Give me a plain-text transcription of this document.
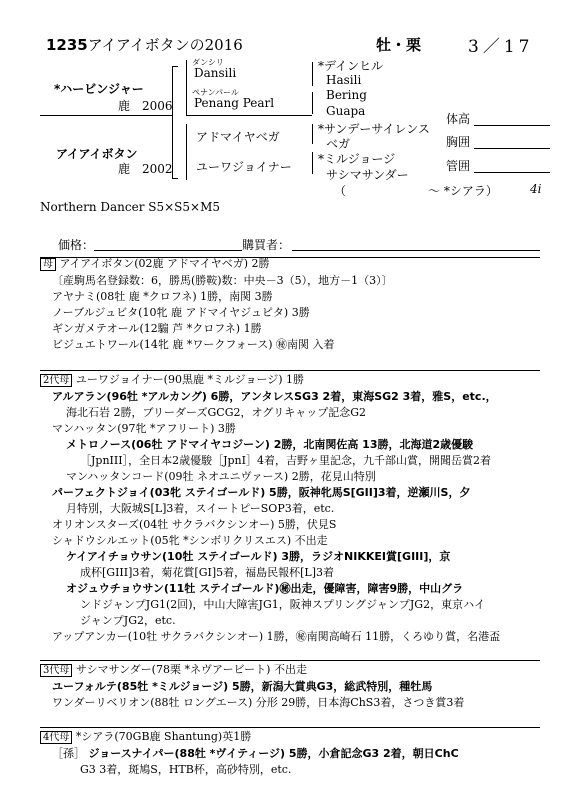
1235アイアイボタンの2016	牡・栗	3／17
*ハービンジャー
鹿　2006
アイアイボタン
鹿　2002
ダンシリ
Dansili
ペナンパール
Penang Pearl
アドマイヤベガ
ユーワジョイナー
*デインヒル
Hasili
Bering
Guapa
*サンデーサイレンス
ベガ
*ミルジョージ
サシマサンダー
（	〜 *シアラ）	4i
体高
胸囲
管囲
Northern Dancer S5×S5×M5
価格：	購買者：
母 アイアイボタン(02鹿 アドマイヤベガ) 2勝
〔産駒馬名登録数：6，勝馬(勝鞍)数：中央－3（5），地方－1（3）〕
アヤナミ(08牡 鹿 *クロフネ) 1勝，南関 3勝
ノーブルジュビタ(10牝 鹿 アドマイヤジュピタ) 3勝
ギンガメテオール(12騸 芦 *クロフネ) 1勝
ビジュエトワール(14牝 鹿 *ワークフォース) ㊙南関 入着
2代母 ユーワジョイナー(90黒鹿 *ミルジョージ) 1勝
アルアラン(96牡 *アルカング) 6勝，アンタレスSG3 2着，東海SG2 3着，雅S，etc.，
海北石岩 2勝，ブリーダーズGCG2，オグリキャップ記念G2
マンハッタン(97牝 *アフリート) 3勝
メトロノース(06牡 アドマイヤコジーン) 2勝，北南関佐高 13勝，北海道2歳優駿
［JpnIII］，全日本2歳優駿［JpnI］4着，吉野ヶ里記念，九千部山賞，開聞岳賞2着
マンハッタンコード(09牡 ネオユニヴァース) 2勝，花見山特別
パーフェクトジョイ(03牝 ステイゴールド) 5勝，阪神牝馬S[GII]3着，逆瀬川S，夕
月特別，大阪城S[L]3着，スイートピーSOP3着，etc.
オリオンスターズ(04牡 サクラバクシンオー) 5勝，伏見S
シャドウシルエット(05牝 *シンボリクリスエス) 不出走
ケイアイチョウサン(10牡 ステイゴールド) 3勝，ラジオNIKKEI賞[GIII]，京
成杯[GIII]3着，菊花賞[GI]5着，福島民報杯[L]3着
オジュウチョウサン(11牡 ステイゴールド)㊙出走，優障害，障害9勝，中山グラ
ンドジャンプJG1(2回)，中山大障害JG1，阪神スプリングジャンプJG2，東京ハイ
ジャンプJG2，etc.
アップアンカー(10牡 サクラバクシンオー) 1勝，㊙南関高崎石 11勝，くろゆり賞，名港盃
3代母 サシマサンダー(78栗 *ネヴアービート) 不出走
ユーフォルテ(85牡 *ミルジョージ) 5勝，新潟大賞典G3，総武特別，種牡馬
ワンダーリベリオン(88牡 ロングエース) 分形 29勝，日本海ChS3着，さつき賞3着
4代母 *シアラ(70GB鹿 Shantung)英1勝
［孫］ ジョースナイパー(88牡 *ヴイティージ) 5勝，小倉記念G3 2着，朝日ChC
G3 3着，斑鳩S，HTB杯，高砂特別，etc.
